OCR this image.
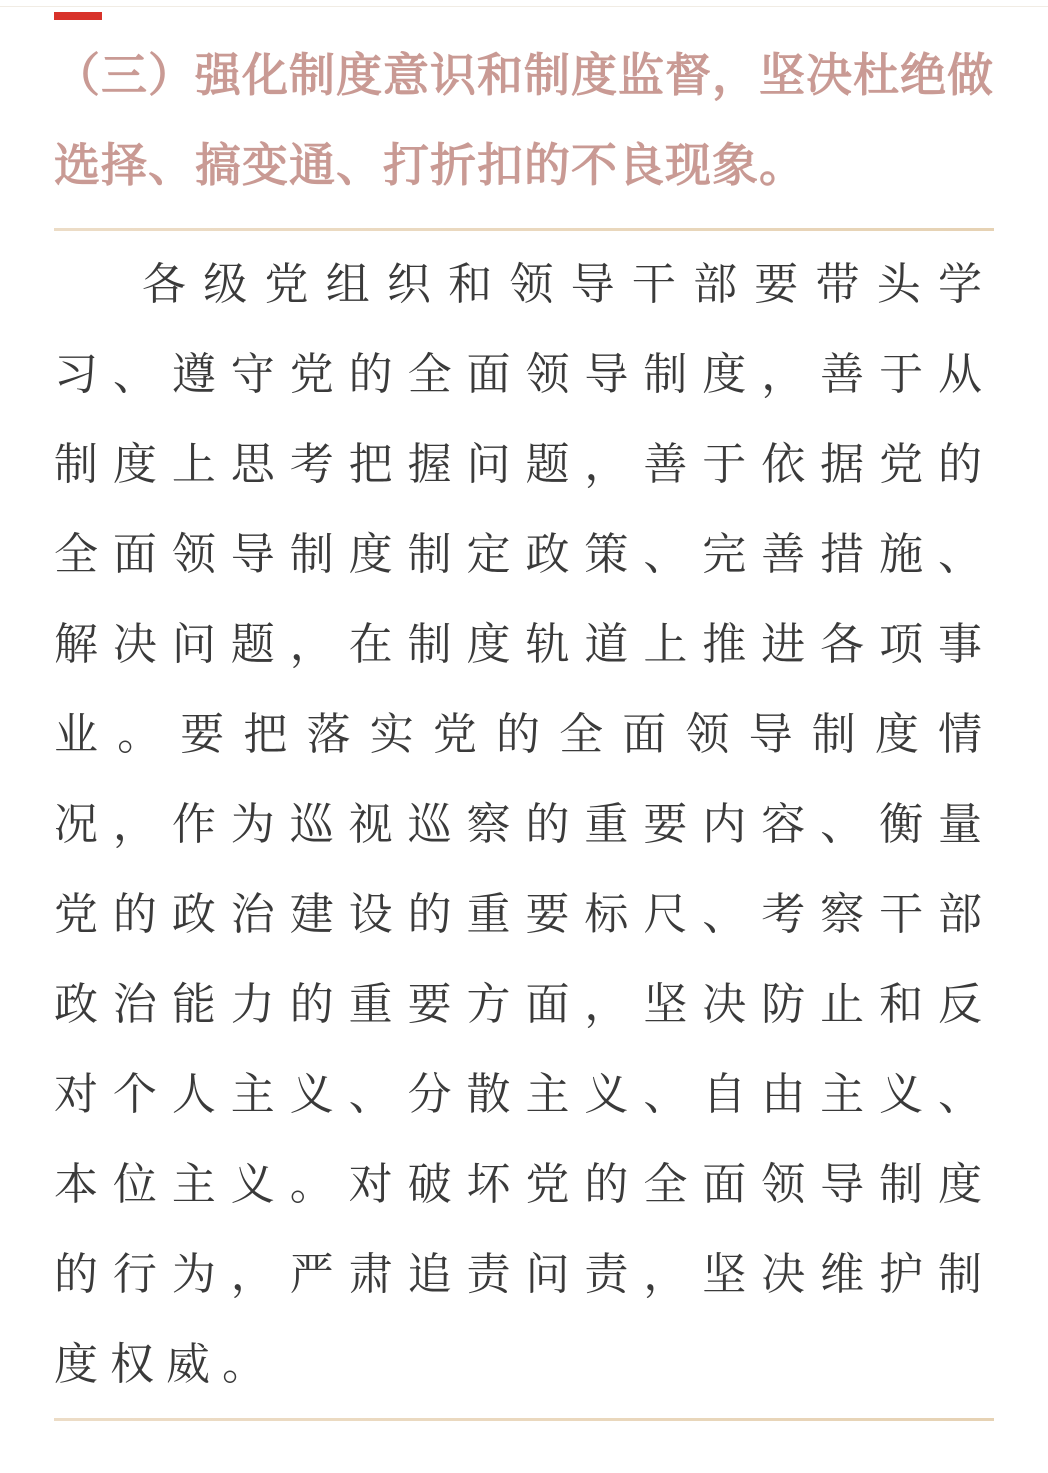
（三）强化制度意识和制度监督，坚决杜绝做选择、搞变通、打折扣的不良现象。

各级党组织和领导干部要带头学习、遵守党的全面领导制度，善于从制度上思考把握问题，善于依据党的全面领导制度制定政策、完善措施、解决问题，在制度轨道上推进各项事业。要把落实党的全面领导制度情况，作为巡视巡察的重要内容、衡量党的政治建设的重要标尺、考察干部政治能力的重要方面，坚决防止和反对个人主义、分散主义、自由主义、本位主义。对破坏党的全面领导制度的行为，严肃追责问责，坚决维护制度权威。
